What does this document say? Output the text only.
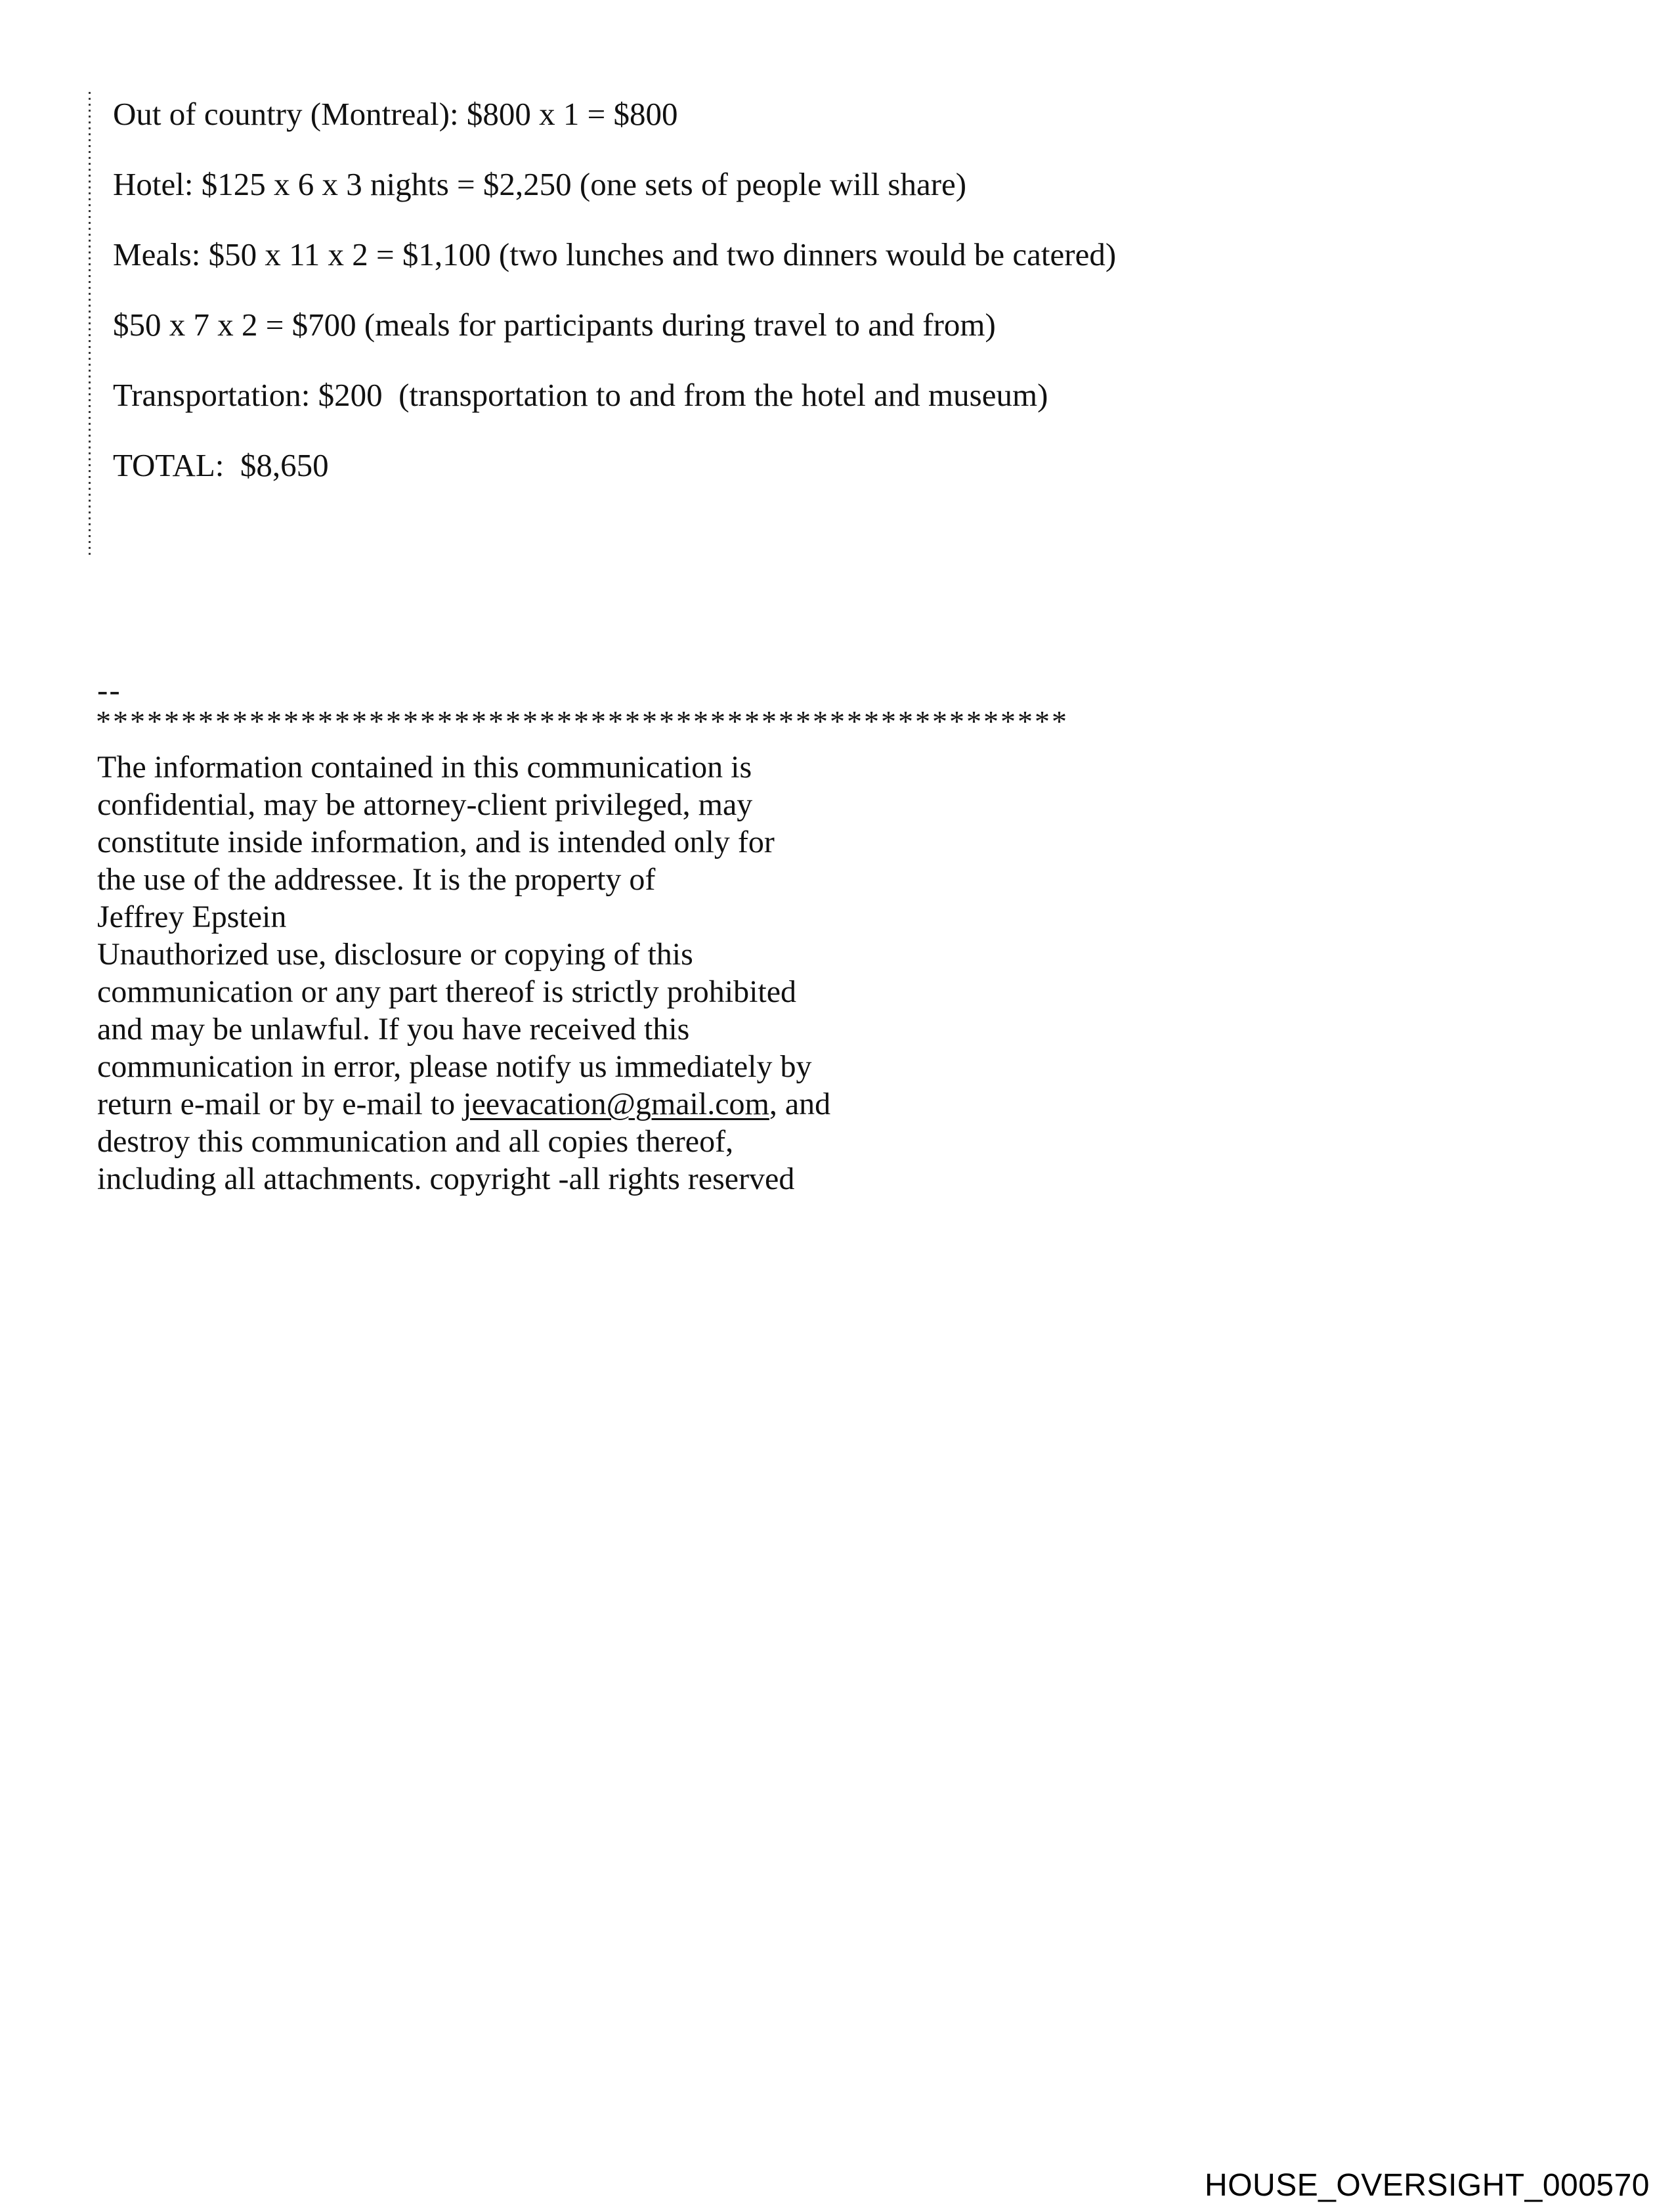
Out of country (Montreal): $800 x 1 = $800

Hotel: $125 x 6 x 3 nights = $2,250 (one sets of people will share)

Meals: $50 x 11 x 2 = $1,100 (two lunches and two dinners would be catered)

$50 x 7 x 2 = $700 (meals for participants during travel to and from)

Transportation: $200  (transportation to and from the hotel and museum)

TOTAL:  $8,650

--
*********************************************************

The information contained in this communication is

confidential, may be attorney-client privileged, may

constitute inside information, and is intended only for

the use of the addressee. It is the property of

Jeffrey Epstein

Unauthorized use, disclosure or copying of this

communication or any part thereof is strictly prohibited

and may be unlawful. If you have received this

communication in error, please notify us immediately by

return e-mail or by e-mail to jeevacation@gmail.com, and

destroy this communication and all copies thereof,

including all attachments. copyright -all rights reserved

HOUSE_OVERSIGHT_000570
